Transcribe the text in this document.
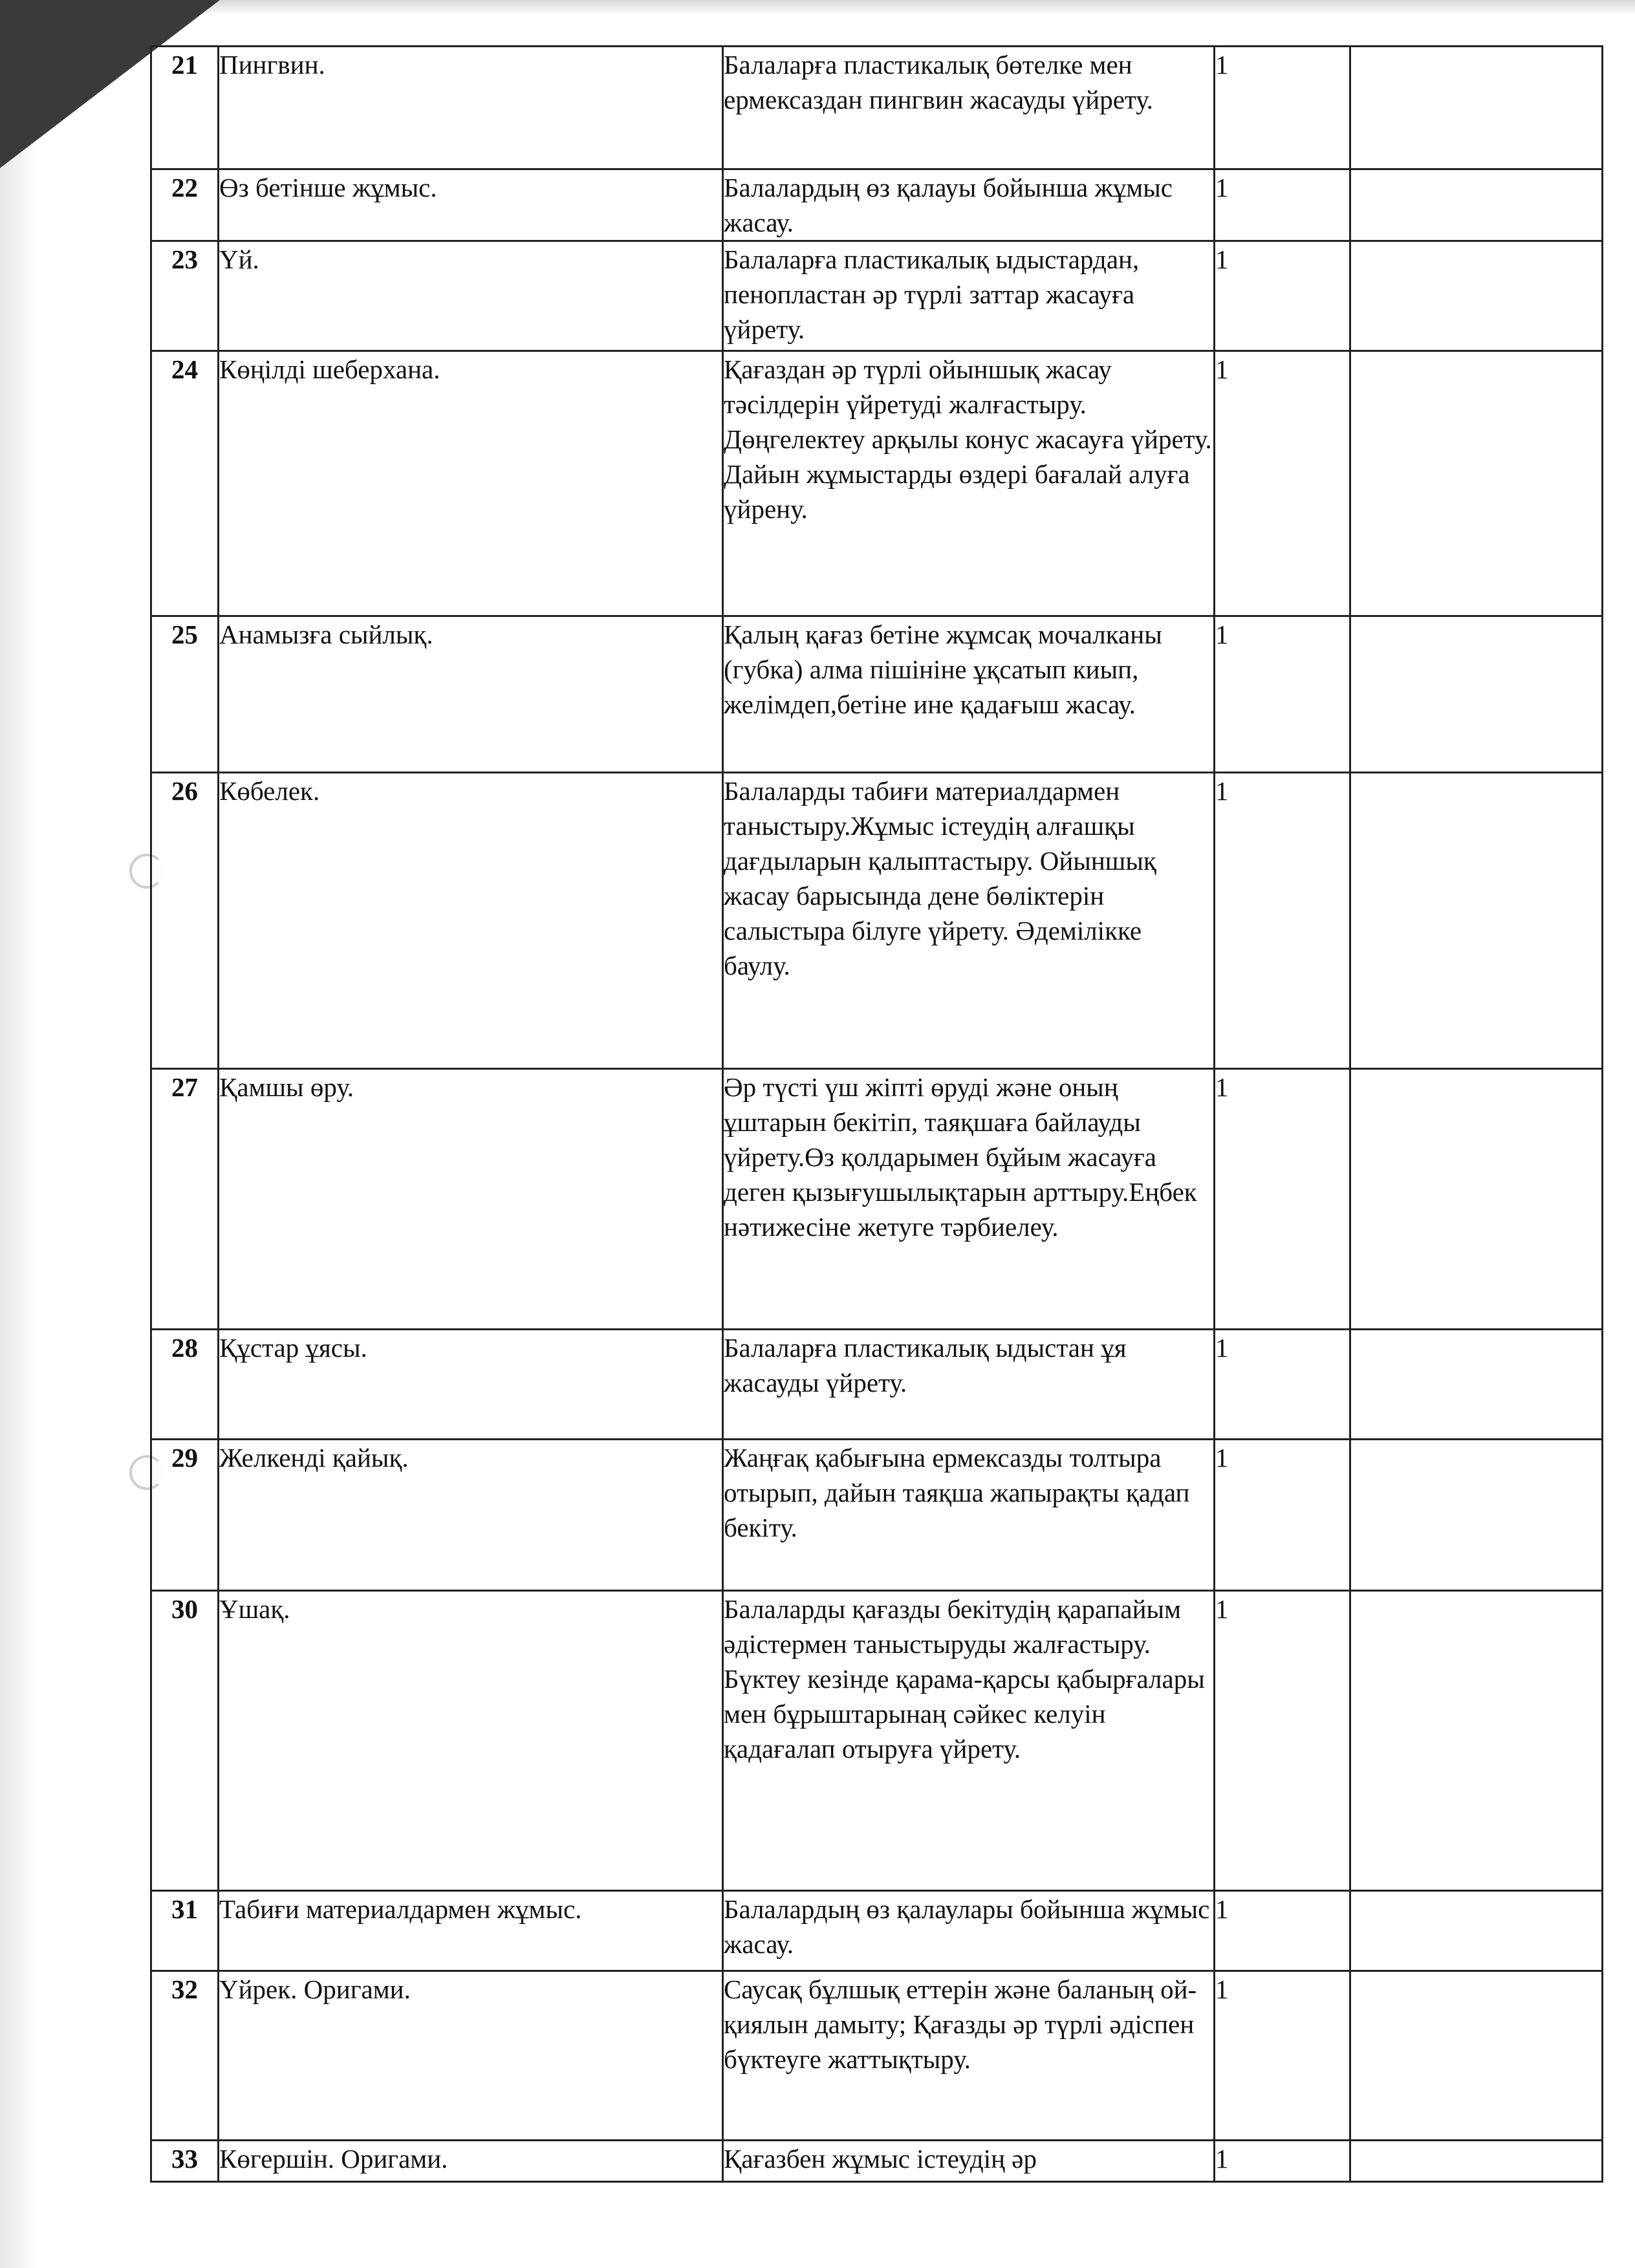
21	Пингвин.	Балаларға пластикалық бөтелке мен ермексаздан пингвин жасауды үйрету.	1	
22	Өз бетінше жұмыс.	Балалардың өз қалауы бойынша жұмыс жасау.	1	
23	Үй.	Балаларға пластикалық ыдыстардан, пенопластан әр түрлі заттар жасауға үйрету.	1	
24	Көңілді шеберхана.	Қағаздан әр түрлі ойыншық жасау тәсілдерін үйретуді жалғастыру. Дөңгелектеу арқылы конус жасауға үйрету. Дайын жұмыстарды өздері бағалай алуға үйрену.	1	
25	Анамызға сыйлық.	Қалың қағаз бетіне жұмсақ мочалканы (губка) алма пішініне ұқсатып киып, желімдеп,бетіне ине қадағыш жасау.	1	
26	Көбелек.	Балаларды табиғи материалдармен таныстыру.Жұмыс істеудің алғашқы дағдыларын қалыптастыру. Ойыншық жасау барысында дене бөліктерін салыстыра білуге үйрету. Әдемілікке баулу.	1	
27	Қамшы өру.	Әр түсті үш жіпті өруді және оның ұштарын бекітіп, таяқшаға байлауды үйрету.Өз қолдарымен бұйым жасауға деген қызығушылықтарын арттыру.Еңбек нәтижесіне жетуге тәрбиелеу.	1	
28	Құстар ұясы.	Балаларға пластикалық ыдыстан ұя жасауды үйрету.	1	
29	Желкенді қайық.	Жаңғақ қабығына ермексазды толтыра отырып, дайын таяқша жапырақты қадап бекіту.	1	
30	Ұшақ.	Балаларды қағазды бекітудің қарапайым әдістермен таныстыруды жалғастыру. Бүктеу кезінде қарама-қарсы қабырғалары мен бұрыштарынаң сәйкес келуін қадағалап отыруға үйрету.	1	
31	Табиғи материалдармен жұмыс.	Балалардың өз қалаулары бойынша жұмыс жасау.	1	
32	Үйрек. Оригами.	Саусақ бұлшық еттерін және баланың ой-қиялын дамыту; Қағазды әр түрлі әдіспен бүктеуге жаттықтыру.	1	
33	Көгершін. Оригами.	Қағазбен жұмыс істеудің әр	1	
